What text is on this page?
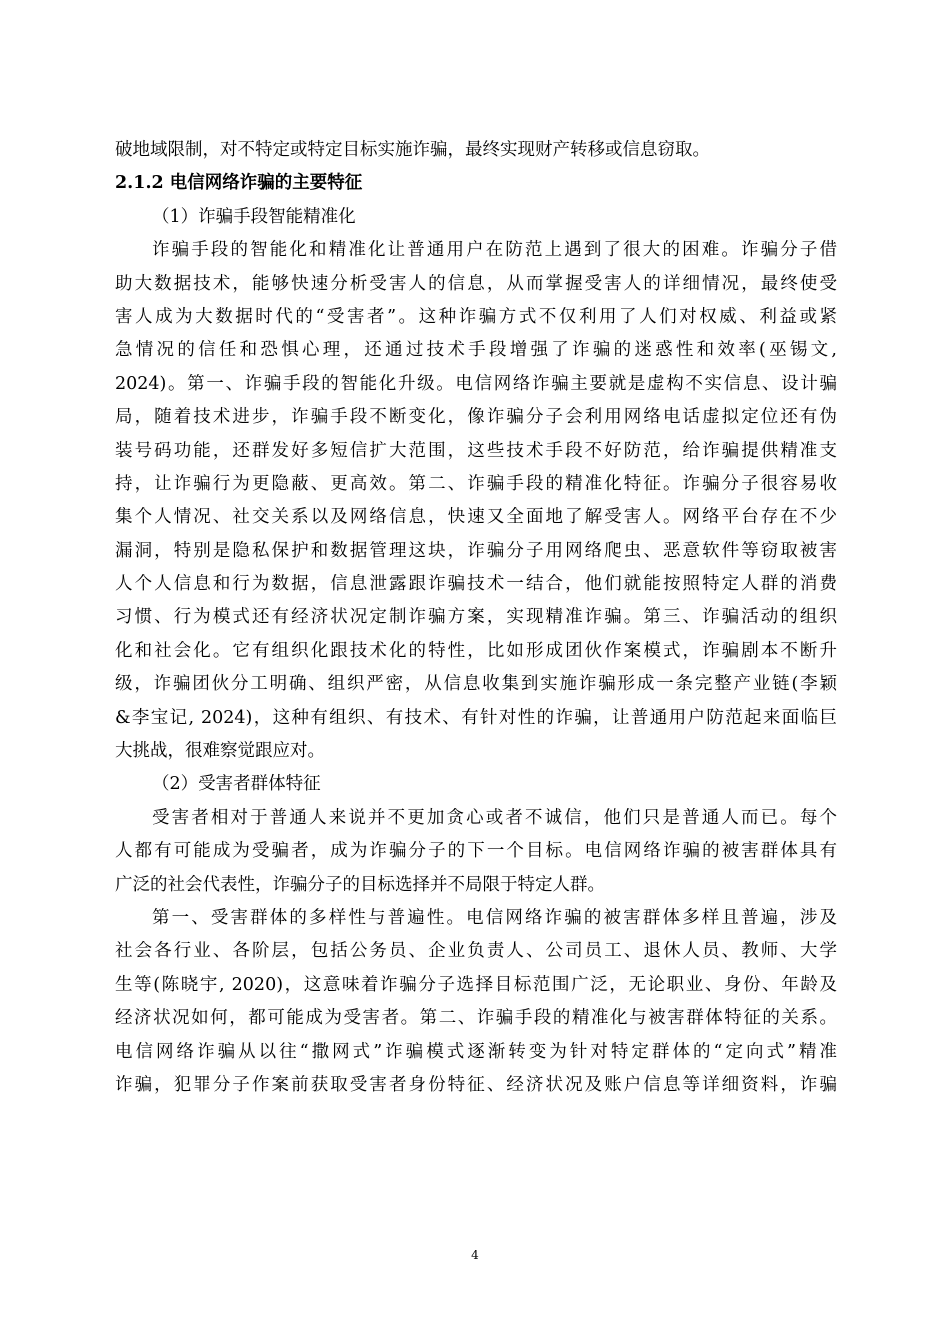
破地域限制，对不特定或特定目标实施诈骗，最终实现财产转移或信息窃取。
2.1.2 电信网络诈骗的主要特征
（1）诈骗手段智能精准化
诈骗手段的智能化和精准化让普通用户在防范上遇到了很大的困难。诈骗分子借
助大数据技术，能够快速分析受害人的信息，从而掌握受害人的详细情况，最终使受
害人成为大数据时代的“受害者”。这种诈骗方式不仅利用了人们对权威、利益或紧
急情况的信任和恐惧心理，还通过技术手段增强了诈骗的迷惑性和效率(巫锡文,
2024)。第一、诈骗手段的智能化升级。电信网络诈骗主要就是虚构不实信息、设计骗
局，随着技术进步，诈骗手段不断变化，像诈骗分子会利用网络电话虚拟定位还有伪
装号码功能，还群发好多短信扩大范围，这些技术手段不好防范，给诈骗提供精准支
持，让诈骗行为更隐蔽、更高效。第二、诈骗手段的精准化特征。诈骗分子很容易收
集个人情况、社交关系以及网络信息，快速又全面地了解受害人。网络平台存在不少
漏洞，特别是隐私保护和数据管理这块，诈骗分子用网络爬虫、恶意软件等窃取被害
人个人信息和行为数据，信息泄露跟诈骗技术一结合，他们就能按照特定人群的消费
习惯、行为模式还有经济状况定制诈骗方案，实现精准诈骗。第三、诈骗活动的组织
化和社会化。它有组织化跟技术化的特性，比如形成团伙作案模式，诈骗剧本不断升
级，诈骗团伙分工明确、组织严密，从信息收集到实施诈骗形成一条完整产业链(李颖
&李宝记, 2024)，这种有组织、有技术、有针对性的诈骗，让普通用户防范起来面临巨
大挑战，很难察觉跟应对。
（2）受害者群体特征
受害者相对于普通人来说并不更加贪心或者不诚信，他们只是普通人而已。每个
人都有可能成为受骗者，成为诈骗分子的下一个目标。电信网络诈骗的被害群体具有
广泛的社会代表性，诈骗分子的目标选择并不局限于特定人群。
第一、受害群体的多样性与普遍性。电信网络诈骗的被害群体多样且普遍，涉及
社会各行业、各阶层，包括公务员、企业负责人、公司员工、退休人员、教师、大学
生等(陈晓宇, 2020)，这意味着诈骗分子选择目标范围广泛，无论职业、身份、年龄及
经济状况如何，都可能成为受害者。第二、诈骗手段的精准化与被害群体特征的关系。
电信网络诈骗从以往“撒网式”诈骗模式逐渐转变为针对特定群体的“定向式”精准
诈骗，犯罪分子作案前获取受害者身份特征、经济状况及账户信息等详细资料，诈骗
4
